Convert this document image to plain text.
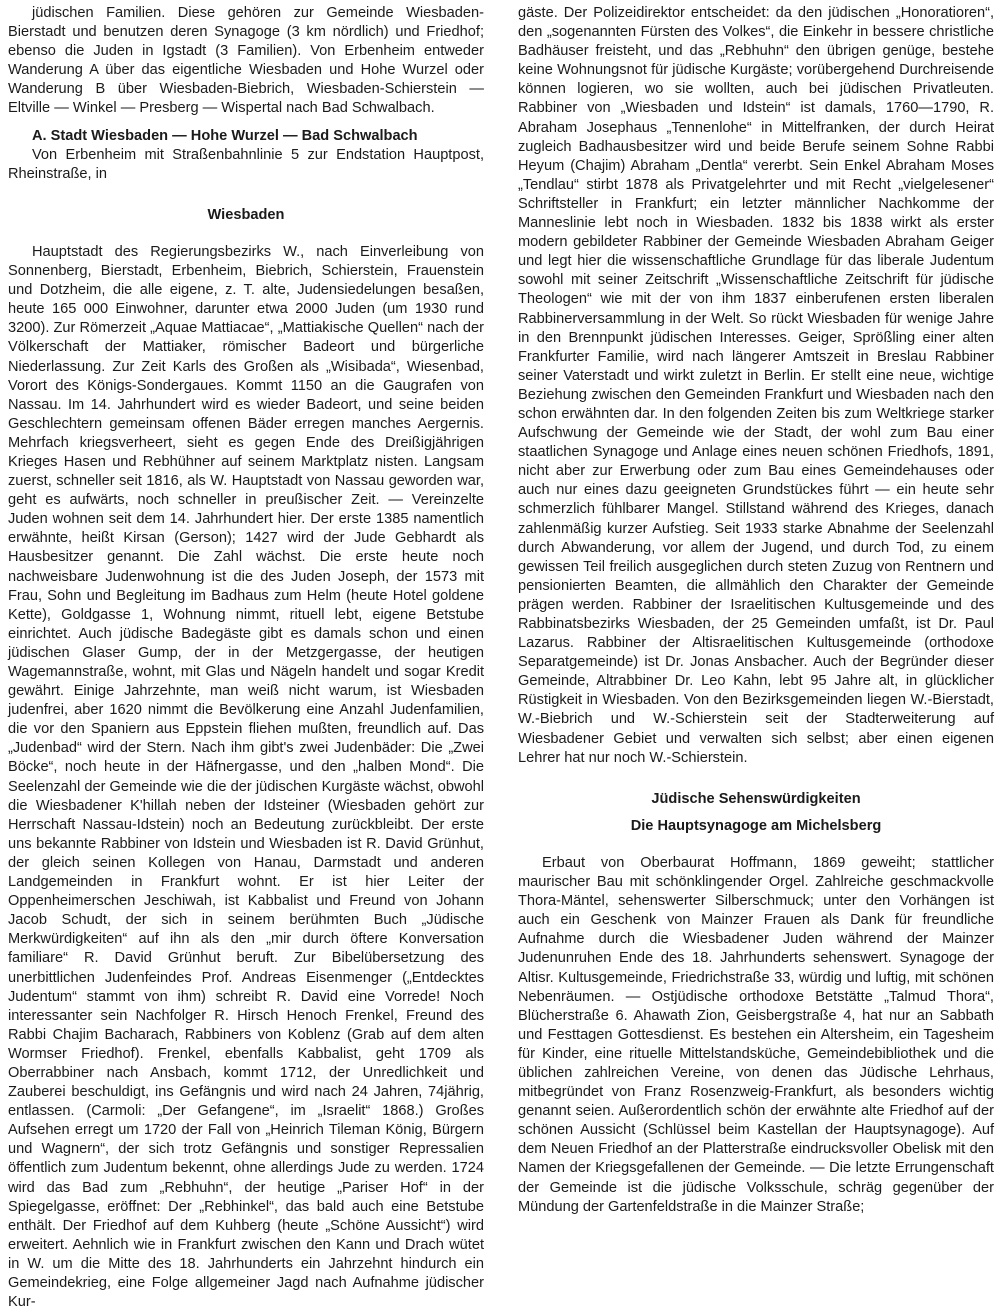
jüdischen Familien. Diese gehören zur Gemeinde Wiesbaden-Bierstadt und benutzen deren Synagoge (3 km nördlich) und Friedhof; ebenso die Juden in Igstadt (3 Familien). Von Erbenheim entweder Wanderung A über das eigentliche Wiesbaden und Hohe Wurzel oder Wanderung B über Wiesbaden-Biebrich, Wiesbaden-Schierstein — Eltville — Winkel — Presberg — Wispertal nach Bad Schwalbach.

A. Stadt Wiesbaden — Hohe Wurzel — Bad Schwalbach

Von Erbenheim mit Straßenbahnlinie 5 zur Endstation Hauptpost, Rheinstraße, in

Wiesbaden

Hauptstadt des Regierungsbezirks W., nach Einverleibung von Sonnenberg, Bierstadt, Erbenheim, Biebrich, Schierstein, Frauenstein und Dotzheim, die alle eigene, z. T. alte, Judensiedelungen besaßen, heute 165 000 Einwohner, darunter etwa 2000 Juden (um 1930 rund 3200). Zur Römerzeit „Aquae Mattiacae“, „Mattiakische Quellen“ nach der Völkerschaft der Mattiaker, römischer Badeort und bürgerliche Niederlassung. Zur Zeit Karls des Großen als „Wisibada“, Wiesenbad, Vorort des Königs-Sondergaues. Kommt 1150 an die Gaugrafen von Nassau. Im 14. Jahrhundert wird es wieder Badeort, und seine beiden Geschlechtern gemeinsam offenen Bäder erregen manches Aergernis. Mehrfach kriegsverheert, sieht es gegen Ende des Dreißigjährigen Krieges Hasen und Rebhühner auf seinem Marktplatz nisten. Langsam zuerst, schneller seit 1816, als W. Hauptstadt von Nassau geworden war, geht es aufwärts, noch schneller in preußischer Zeit. — Vereinzelte Juden wohnen seit dem 14. Jahrhundert hier. Der erste 1385 namentlich erwähnte, heißt Kirsan (Gerson); 1427 wird der Jude Gebhardt als Hausbesitzer genannt. Die Zahl wächst. Die erste heute noch nachweisbare Judenwohnung ist die des Juden Joseph, der 1573 mit Frau, Sohn und Begleitung im Badhaus zum Helm (heute Hotel goldene Kette), Goldgasse 1, Wohnung nimmt, rituell lebt, eigene Betstube einrichtet. Auch jüdische Badegäste gibt es damals schon und einen jüdischen Glaser Gump, der in der Metzgergasse, der heutigen Wagemannstraße, wohnt, mit Glas und Nägeln handelt und sogar Kredit gewährt. Einige Jahrzehnte, man weiß nicht warum, ist Wiesbaden judenfrei, aber 1620 nimmt die Bevölkerung eine Anzahl Judenfamilien, die vor den Spaniern aus Eppstein fliehen mußten, freundlich auf. Das „Judenbad“ wird der Stern. Nach ihm gibt's zwei Judenbäder: Die „Zwei Böcke“, noch heute in der Häfnergasse, und den „halben Mond“. Die Seelenzahl der Gemeinde wie die der jüdischen Kurgäste wächst, obwohl die Wiesbadener K'hillah neben der Idsteiner (Wiesbaden gehört zur Herrschaft Nassau-Idstein) noch an Bedeutung zurückbleibt. Der erste uns bekannte Rabbiner von Idstein und Wiesbaden ist R. David Grünhut, der gleich seinen Kollegen von Hanau, Darmstadt und anderen Landgemeinden in Frankfurt wohnt. Er ist hier Leiter der Oppenheimerschen Jeschiwah, ist Kabbalist und Freund von Johann Jacob Schudt, der sich in seinem berühmten Buch „Jüdische Merkwürdigkeiten“ auf ihn als den „mir durch öftere Konversation familiare“ R. David Grünhut beruft. Zur Bibelübersetzung des unerbittlichen Judenfeindes Prof. Andreas Eisenmenger („Entdecktes Judentum“ stammt von ihm) schreibt R. David eine Vorrede! Noch interessanter sein Nachfolger R. Hirsch Henoch Frenkel, Freund des Rabbi Chajim Bacharach, Rabbiners von Koblenz (Grab auf dem alten Wormser Friedhof). Frenkel, ebenfalls Kabbalist, geht 1709 als Oberrabbiner nach Ansbach, kommt 1712, der Unredlichkeit und Zauberei beschuldigt, ins Gefängnis und wird nach 24 Jahren, 74jährig, entlassen. (Carmoli: „Der Gefangene“, im „Israelit“ 1868.) Großes Aufsehen erregt um 1720 der Fall von „Heinrich Tileman König, Bürgern und Wagnern“, der sich trotz Gefängnis und sonstiger Repressalien öffentlich zum Judentum bekennt, ohne allerdings Jude zu werden. 1724 wird das Bad zum „Rebhuhn“, der heutige „Pariser Hof“ in der Spiegelgasse, eröffnet: Der „Rebhinkel“, das bald auch eine Betstube enthält. Der Friedhof auf dem Kuhberg (heute „Schöne Aussicht“) wird erweitert. Aehnlich wie in Frankfurt zwischen den Kann und Drach wütet in W. um die Mitte des 18. Jahrhunderts ein Jahrzehnt hindurch ein Gemeindekrieg, eine Folge allgemeiner Jagd nach Aufnahme jüdischer Kur-

gäste. Der Polizeidirektor entscheidet: da den jüdischen „Honoratioren“, den „sogenannten Fürsten des Volkes“, die Einkehr in bessere christliche Badhäuser freisteht, und das „Rebhuhn“ den übrigen genüge, bestehe keine Wohnungsnot für jüdische Kurgäste; vorübergehend Durchreisende können logieren, wo sie wollten, auch bei jüdischen Privatleuten. Rabbiner von „Wiesbaden und Idstein“ ist damals, 1760—1790, R. Abraham Josephaus „Tennenlohe“ in Mittelfranken, der durch Heirat zugleich Badhausbesitzer wird und beide Berufe seinem Sohne Rabbi Heyum (Chajim) Abraham „Dentla“ vererbt. Sein Enkel Abraham Moses „Tendlau“ stirbt 1878 als Privatgelehrter und mit Recht „vielgelesener“ Schriftsteller in Frankfurt; ein letzter männlicher Nachkomme der Manneslinie lebt noch in Wiesbaden. 1832 bis 1838 wirkt als erster modern gebildeter Rabbiner der Gemeinde Wiesbaden Abraham Geiger und legt hier die wissenschaftliche Grundlage für das liberale Judentum sowohl mit seiner Zeitschrift „Wissenschaftliche Zeitschrift für jüdische Theologen“ wie mit der von ihm 1837 einberufenen ersten liberalen Rabbinerversammlung in der Welt. So rückt Wiesbaden für wenige Jahre in den Brennpunkt jüdischen Interesses. Geiger, Sprößling einer alten Frankfurter Familie, wird nach längerer Amtszeit in Breslau Rabbiner seiner Vaterstadt und wirkt zuletzt in Berlin. Er stellt eine neue, wichtige Beziehung zwischen den Gemeinden Frankfurt und Wiesbaden nach den schon erwähnten dar. In den folgenden Zeiten bis zum Weltkriege starker Aufschwung der Gemeinde wie der Stadt, der wohl zum Bau einer staatlichen Synagoge und Anlage eines neuen schönen Friedhofs, 1891, nicht aber zur Erwerbung oder zum Bau eines Gemeindehauses oder auch nur eines dazu geeigneten Grundstückes führt — ein heute sehr schmerzlich fühlbarer Mangel. Stillstand während des Krieges, danach zahlenmäßig kurzer Aufstieg. Seit 1933 starke Abnahme der Seelenzahl durch Abwanderung, vor allem der Jugend, und durch Tod, zu einem gewissen Teil freilich ausgeglichen durch steten Zuzug von Rentnern und pensionierten Beamten, die allmählich den Charakter der Gemeinde prägen werden. Rabbiner der Israelitischen Kultusgemeinde und des Rabbinatsbezirks Wiesbaden, der 25 Gemeinden umfaßt, ist Dr. Paul Lazarus. Rabbiner der Altisraelitischen Kultusgemeinde (orthodoxe Separatgemeinde) ist Dr. Jonas Ansbacher. Auch der Begründer dieser Gemeinde, Altrabbiner Dr. Leo Kahn, lebt 95 Jahre alt, in glücklicher Rüstigkeit in Wiesbaden. Von den Bezirksgemeinden liegen W.-Bierstadt, W.-Biebrich und W.-Schierstein seit der Stadterweiterung auf Wiesbadener Gebiet und verwalten sich selbst; aber einen eigenen Lehrer hat nur noch W.-Schierstein.

Jüdische Sehenswürdigkeiten
Die Hauptsynagoge am Michelsberg

Erbaut von Oberbaurat Hoffmann, 1869 geweiht; stattlicher maurischer Bau mit schönklingender Orgel. Zahlreiche geschmackvolle Thora-Mäntel, sehenswerter Silberschmuck; unter den Vorhängen ist auch ein Geschenk von Mainzer Frauen als Dank für freundliche Aufnahme durch die Wiesbadener Juden während der Mainzer Judenunruhen Ende des 18. Jahrhunderts sehenswert. Synagoge der Altisr. Kultusgemeinde, Friedrichstraße 33, würdig und luftig, mit schönen Nebenräumen. — Ostjüdische orthodoxe Betstätte „Talmud Thora“, Blücherstraße 6. Ahawath Zion, Geisbergstraße 4, hat nur an Sabbath und Festtagen Gottesdienst. Es bestehen ein Altersheim, ein Tagesheim für Kinder, eine rituelle Mittelstandsküche, Gemeindebibliothek und die üblichen zahlreichen Vereine, von denen das Jüdische Lehrhaus, mitbegründet von Franz Rosenzweig-Frankfurt, als besonders wichtig genannt seien. Außerordentlich schön der erwähnte alte Friedhof auf der schönen Aussicht (Schlüssel beim Kastellan der Hauptsynagoge). Auf dem Neuen Friedhof an der Platterstraße eindrucksvoller Obelisk mit den Namen der Kriegsgefallenen der Gemeinde. — Die letzte Errungenschaft der Gemeinde ist die jüdische Volksschule, schräg gegenüber der Mündung der Gartenfeldstraße in die Mainzer Straße;
